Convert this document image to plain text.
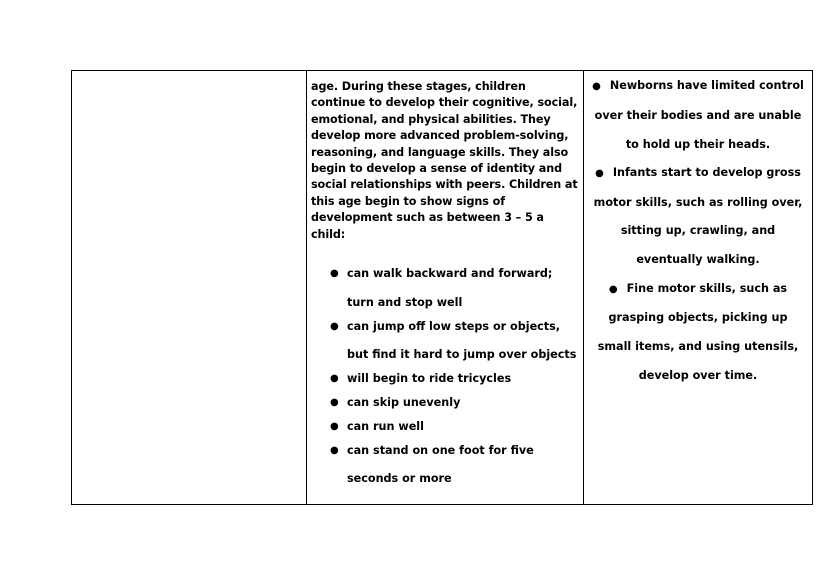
age. During these stages, children continue to develop their cognitive, social, emotional, and physical abilities. They develop more advanced problem-solving, reasoning, and language skills. They also begin to develop a sense of identity and social relationships with peers. Children at this age begin to show signs of development such as between 3 – 5 a child:

● can walk backward and forward; turn and stop well
● can jump off low steps or objects, but find it hard to jump over objects
● will begin to ride tricycles
● can skip unevenly
● can run well
● can stand on one foot for five seconds or more
● Newborns have limited control over their bodies and are unable to hold up their heads.
● Infants start to develop gross motor skills, such as rolling over, sitting up, crawling, and eventually walking.
● Fine motor skills, such as grasping objects, picking up small items, and using utensils, develop over time.
